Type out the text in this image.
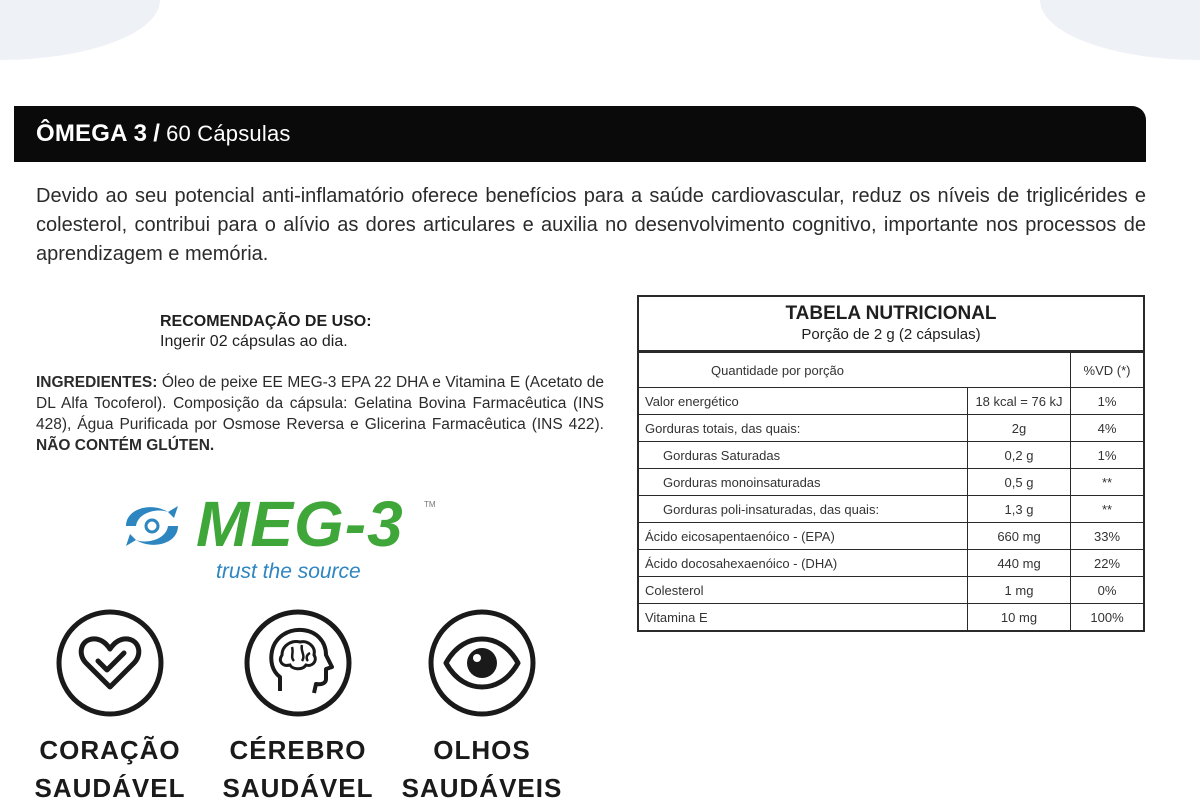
ÔMEGA 3 / 60 Cápsulas

Devido ao seu potencial anti-inflamatório oferece benefícios para a saúde cardiovascular, reduz os níveis de triglicérides e colesterol, contribui para o alívio as dores articulares e auxilia no desenvolvimento cognitivo, importante nos processos de aprendizagem e memória.

RECOMENDAÇÃO DE USO:
Ingerir 02 cápsulas ao dia.
INGREDIENTES: Óleo de peixe EE MEG-3 EPA 22 DHA e Vitamina E (Acetato de DL Alfa Tocoferol). Composição da cápsula: Gelatina Bovina Farmacêutica (INS 428), Água Purificada por Osmose Reversa e Glicerina Farmacêutica (INS 422). NÃO CONTÉM GLÚTEN.
MEG-3	TM
trust the source
CORAÇÃO
SAUDÁVEL
CÉREBRO
SAUDÁVEL
OLHOS
SAUDÁVEIS
TABELA NUTRICIONAL
Porção de 2 g (2 cápsulas)
Quantidade por porção		%VD (*)
Valor energético	18 kcal = 76 kJ	1%
Gorduras totais, das quais:	2g	4%
Gorduras Saturadas	0,2 g	1%
Gorduras monoinsaturadas	0,5 g	**
Gorduras poli-insaturadas, das quais:	1,3 g	**
Ácido eicosapentaenóico - (EPA)	660 mg	33%
Ácido docosahexaenóico - (DHA)	440 mg	22%
Colesterol	1 mg	0%
Vitamina E	10 mg	100%
